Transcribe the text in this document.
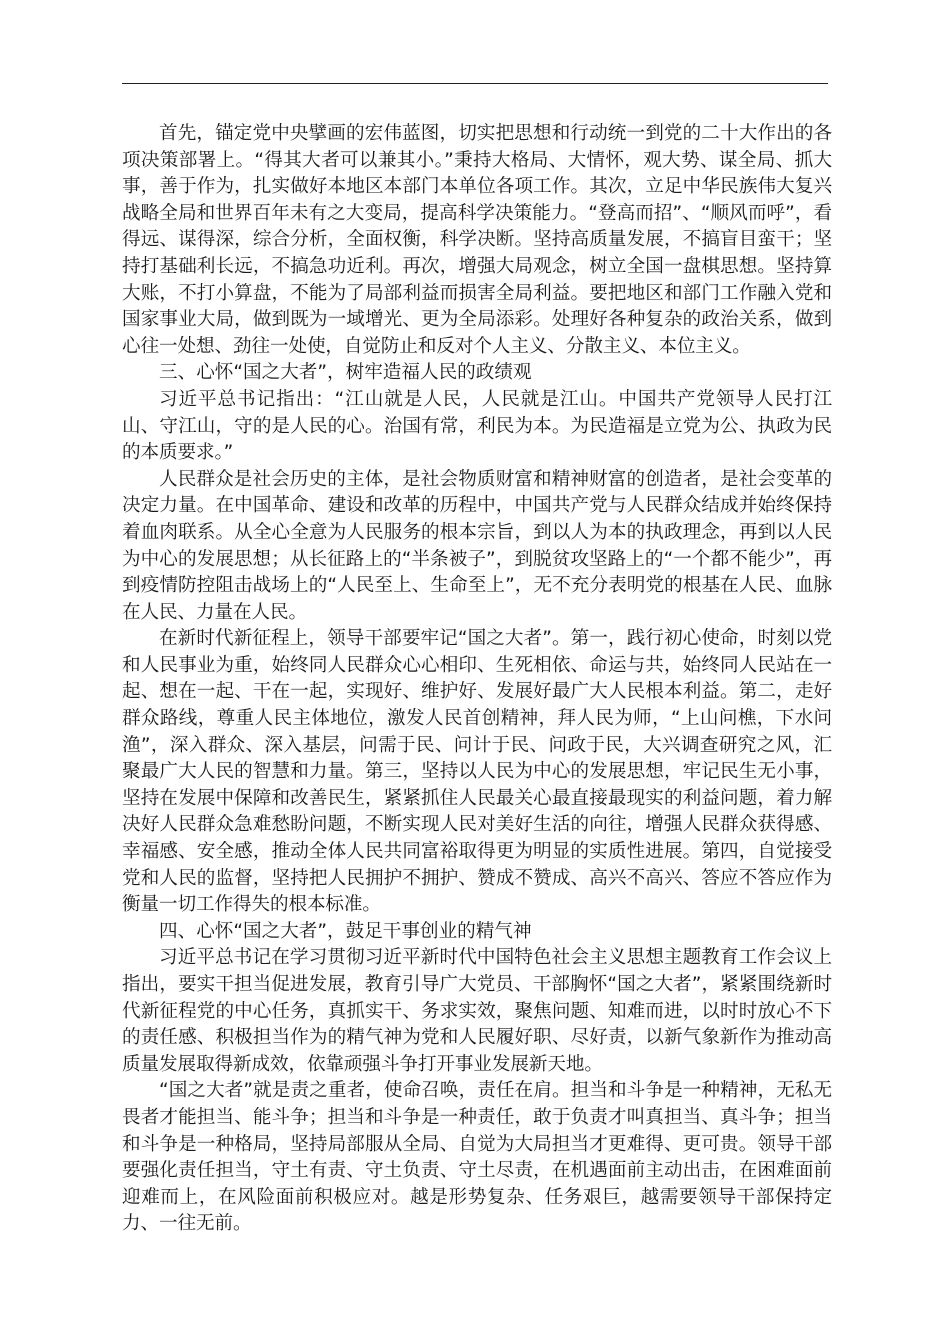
首先，锚定党中央擘画的宏伟蓝图，切实把思想和行动统一到党的二十大作出的各项决策部署上。“得其大者可以兼其小。”秉持大格局、大情怀，观大势、谋全局、抓大事，善于作为，扎实做好本地区本部门本单位各项工作。其次，立足中华民族伟大复兴战略全局和世界百年未有之大变局，提高科学决策能力。“登高而招”、“顺风而呼”，看得远、谋得深，综合分析，全面权衡，科学决断。坚持高质量发展，不搞盲目蛮干；坚持打基础利长远，不搞急功近利。再次，增强大局观念，树立全国一盘棋思想。坚持算大账，不打小算盘，不能为了局部利益而损害全局利益。要把地区和部门工作融入党和国家事业大局，做到既为一域增光、更为全局添彩。处理好各种复杂的政治关系，做到心往一处想、劲往一处使，自觉防止和反对个人主义、分散主义、本位主义。

三、心怀“国之大者”，树牢造福人民的政绩观

习近平总书记指出：“江山就是人民，人民就是江山。中国共产党领导人民打江山、守江山，守的是人民的心。治国有常，利民为本。为民造福是立党为公、执政为民的本质要求。”

人民群众是社会历史的主体，是社会物质财富和精神财富的创造者，是社会变革的决定力量。在中国革命、建设和改革的历程中，中国共产党与人民群众结成并始终保持着血肉联系。从全心全意为人民服务的根本宗旨，到以人为本的执政理念，再到以人民为中心的发展思想；从长征路上的“半条被子”，到脱贫攻坚路上的“一个都不能少”，再到疫情防控阻击战场上的“人民至上、生命至上”，无不充分表明党的根基在人民、血脉在人民、力量在人民。

在新时代新征程上，领导干部要牢记“国之大者”。第一，践行初心使命，时刻以党和人民事业为重，始终同人民群众心心相印、生死相依、命运与共，始终同人民站在一起、想在一起、干在一起，实现好、维护好、发展好最广大人民根本利益。第二，走好群众路线，尊重人民主体地位，激发人民首创精神，拜人民为师，“上山问樵，下水问渔”，深入群众、深入基层，问需于民、问计于民、问政于民，大兴调查研究之风，汇聚最广大人民的智慧和力量。第三，坚持以人民为中心的发展思想，牢记民生无小事，坚持在发展中保障和改善民生，紧紧抓住人民最关心最直接最现实的利益问题，着力解决好人民群众急难愁盼问题，不断实现人民对美好生活的向往，增强人民群众获得感、幸福感、安全感，推动全体人民共同富裕取得更为明显的实质性进展。第四，自觉接受党和人民的监督，坚持把人民拥护不拥护、赞成不赞成、高兴不高兴、答应不答应作为衡量一切工作得失的根本标准。

四、心怀“国之大者”，鼓足干事创业的精气神

习近平总书记在学习贯彻习近平新时代中国特色社会主义思想主题教育工作会议上指出，要实干担当促进发展，教育引导广大党员、干部胸怀“国之大者”，紧紧围绕新时代新征程党的中心任务，真抓实干、务求实效，聚焦问题、知难而进，以时时放心不下的责任感、积极担当作为的精气神为党和人民履好职、尽好责，以新气象新作为推动高质量发展取得新成效，依靠顽强斗争打开事业发展新天地。

“国之大者”就是责之重者，使命召唤，责任在肩。担当和斗争是一种精神，无私无畏者才能担当、能斗争；担当和斗争是一种责任，敢于负责才叫真担当、真斗争；担当和斗争是一种格局，坚持局部服从全局、自觉为大局担当才更难得、更可贵。领导干部要强化责任担当，守土有责、守土负责、守土尽责，在机遇面前主动出击，在困难面前迎难而上，在风险面前积极应对。越是形势复杂、任务艰巨，越需要领导干部保持定力、一往无前。
